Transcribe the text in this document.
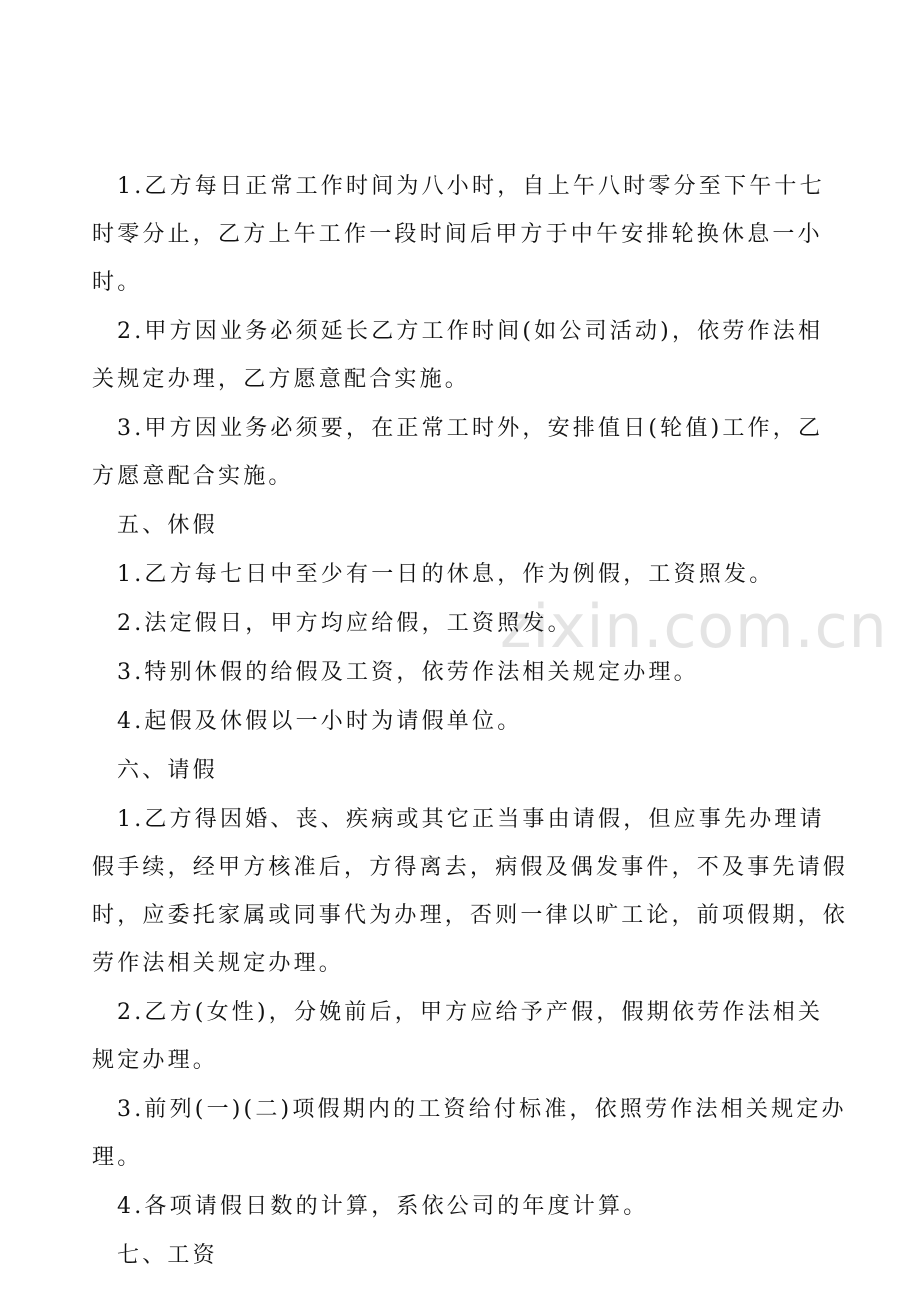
zixin.com.cn

1.乙方每日正常工作时间为八小时，自上午八时零分至下午十七时零分止，乙方上午工作一段时间后甲方于中午安排轮换休息一小时。

2.甲方因业务必须延长乙方工作时间(如公司活动)，依劳作法相关规定办理，乙方愿意配合实施。

3.甲方因业务必须要，在正常工时外，安排值日(轮值)工作，乙方愿意配合实施。

五、休假

1.乙方每七日中至少有一日的休息，作为例假，工资照发。

2.法定假日，甲方均应给假，工资照发。

3.特别休假的给假及工资，依劳作法相关规定办理。

4.起假及休假以一小时为请假单位。

六、请假

1.乙方得因婚、丧、疾病或其它正当事由请假，但应事先办理请假手续，经甲方核准后，方得离去，病假及偶发事件，不及事先请假时，应委托家属或同事代为办理，否则一律以旷工论，前项假期，依劳作法相关规定办理。

2.乙方(女性)，分娩前后，甲方应给予产假，假期依劳作法相关规定办理。

3.前列(一)(二)项假期内的工资给付标准，依照劳作法相关规定办理。

4.各项请假日数的计算，系依公司的年度计算。

七、工资
